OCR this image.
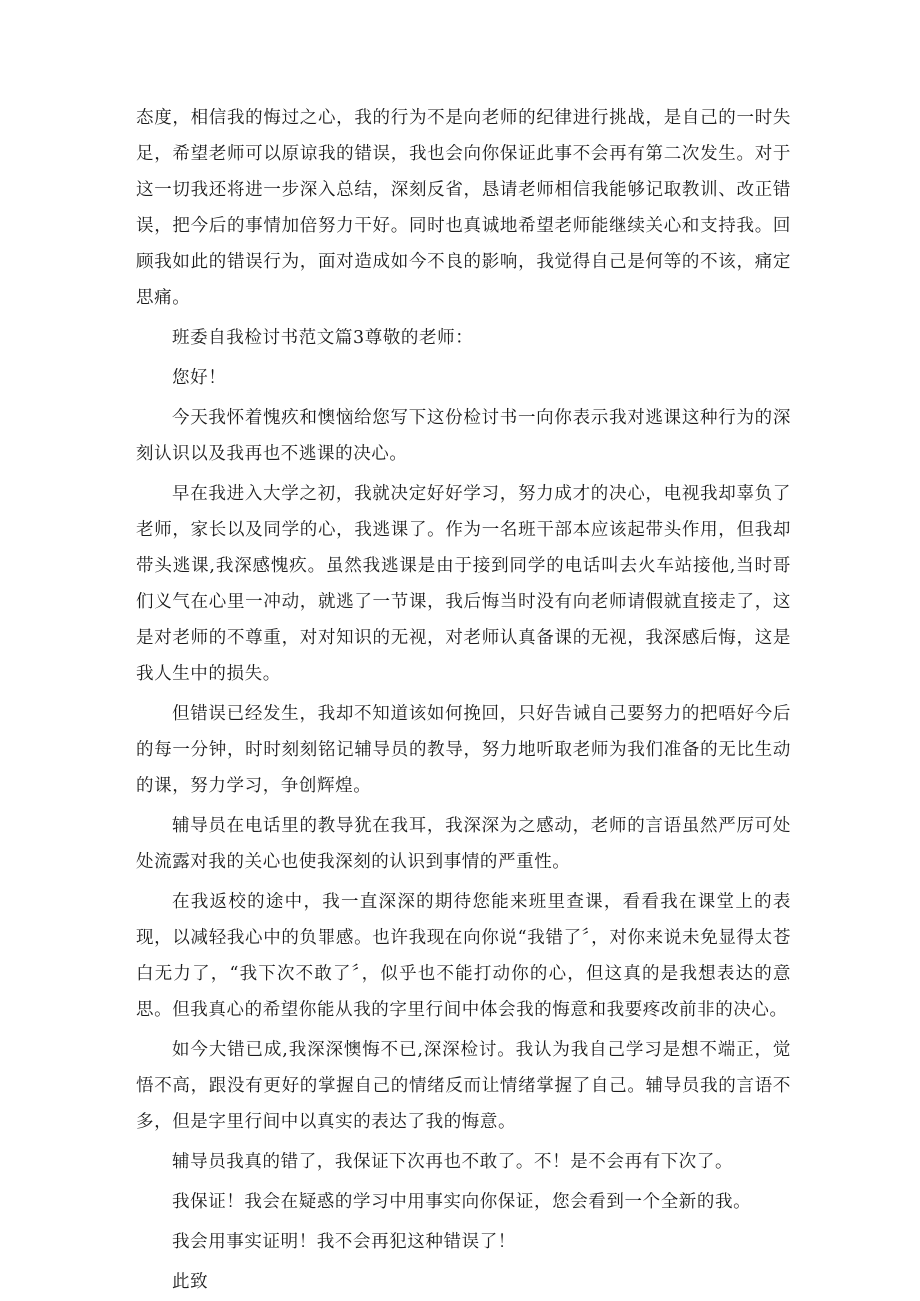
态度，相信我的悔过之心，我的行为不是向老师的纪律进行挑战，是自己的一时失足，希望老师可以原谅我的错误，我也会向你保证此事不会再有第二次发生。对于这一切我还将进一步深入总结，深刻反省，恳请老师相信我能够记取教训、改正错误，把今后的事情加倍努力干好。同时也真诚地希望老师能继续关心和支持我。回顾我如此的错误行为，面对造成如今不良的影响，我觉得自己是何等的不该，痛定思痛。

班委自我检讨书范文篇3尊敬的老师：

您好！

今天我怀着愧疚和懊恼给您写下这份检讨书一向你表示我对逃课这种行为的深刻认识以及我再也不逃课的决心。

早在我进入大学之初，我就决定好好学习，努力成才的决心，电视我却辜负了老师，家长以及同学的心，我逃课了。作为一名班干部本应该起带头作用，但我却带头逃课,我深感愧疚。虽然我逃课是由于接到同学的电话叫去火车站接他,当时哥们义气在心里一冲动，就逃了一节课，我后悔当时没有向老师请假就直接走了，这是对老师的不尊重，对对知识的无视，对老师认真备课的无视，我深感后悔，这是我人生中的损失。

但错误已经发生，我却不知道该如何挽回，只好告诫自己要努力的把唔好今后的每一分钟，时时刻刻铭记辅导员的教导，努力地听取老师为我们准备的无比生动的课，努力学习，争创辉煌。

辅导员在电话里的教导犹在我耳，我深深为之感动，老师的言语虽然严厉可处处流露对我的关心也使我深刻的认识到事情的严重性。

在我返校的途中，我一直深深的期待您能来班里查课，看看我在课堂上的表现，以减轻我心中的负罪感。也许我现在向你说“我错了〞，对你来说未免显得太苍白无力了，“我下次不敢了〞，似乎也不能打动你的心，但这真的是我想表达的意思。但我真心的希望你能从我的字里行间中体会我的悔意和我要疼改前非的决心。

如今大错已成,我深深懊悔不已,深深检讨。我认为我自己学习是想不端正，觉悟不高，跟没有更好的掌握自己的情绪反而让情绪掌握了自己。辅导员我的言语不多，但是字里行间中以真实的表达了我的悔意。

辅导员我真的错了，我保证下次再也不敢了。不！是不会再有下次了。

我保证！我会在疑惑的学习中用事实向你保证，您会看到一个全新的我。

我会用事实证明！我不会再犯这种错误了！

此致
